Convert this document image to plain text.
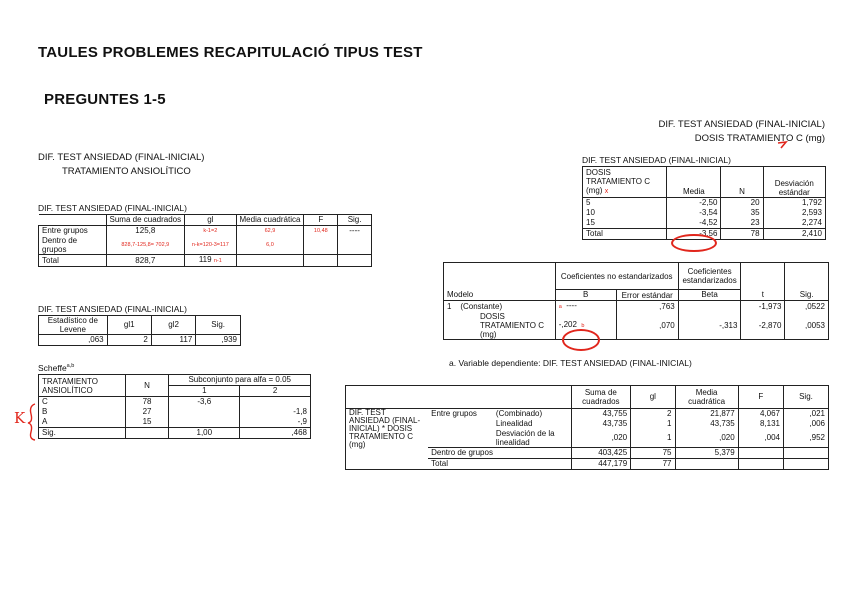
TAULES PROBLEMES RECAPITULACIÓ TIPUS TEST
PREGUNTES 1-5
DIF. TEST ANSIEDAD (FINAL-INICIAL)
TRATAMIENTO ANSIOLÍTICO
DIF. TEST ANSIEDAD (FINAL-INICIAL)
	Suma de cuadrados	gl	Media cuadrática	F	Sig.
Entre grupos	125,8	k-1=2	62,9	10,48	----
Dentro de grupos	828,7-125,8= 702,9	n-k=120-3=117	6,0		
Total	828,7	119 n-1			
DIF. TEST ANSIEDAD (FINAL-INICIAL)
Estadístico de Levene	gl1	gl2	Sig.
,063	2	117	,939
Scheffe$^{a,b}$
K
TRATAMIENTO ANSIOLÍTICO	N	Subconjunto para alfa = 0.05	
		1	2
C	78	-3,6	
B	27		-1,8
A	15		-,9
Sig.		1,00	,468
DIF. TEST ANSIEDAD (FINAL-INICIAL)
DOSIS TRATAMIENTO C (mg)
DIF. TEST ANSIEDAD (FINAL-INICIAL)
DOSIS TRATAMIENTO C (mg) x	Media	N	Desviación estándar
5	-2,50	20	1,792
10	-3,54	35	2,593
15	-4,52	23	2,274
Total	-3,56	78	2,410
Modelo	Coeficientes no estandarizados		Coeficientes estandarizados	t	Sig.
	B	Error estándar	Beta		
1 (Constante)	a ----	,763		-1,973	,0522
DOSIS TRATAMIENTO C (mg)	-,202 b	,070	-,313	-2,870	,0053
a. Variable dependiente: DIF. TEST ANSIEDAD (FINAL-INICIAL)
			Suma de cuadrados	gl	Media cuadrática	F	Sig.
DIF. TEST ANSIEDAD (FINAL-INICIAL) * DOSIS TRATAMIENTO C (mg)	Entre grupos	(Combinado)	43,755	2	21,877	4,067	,021
		Linealidad	43,735	1	43,735	8,131	,006
		Desviación de la linealidad	,020	1	,020	,004	,952
	Dentro de grupos		403,425	75	5,379		
	Total		447,179	77			
